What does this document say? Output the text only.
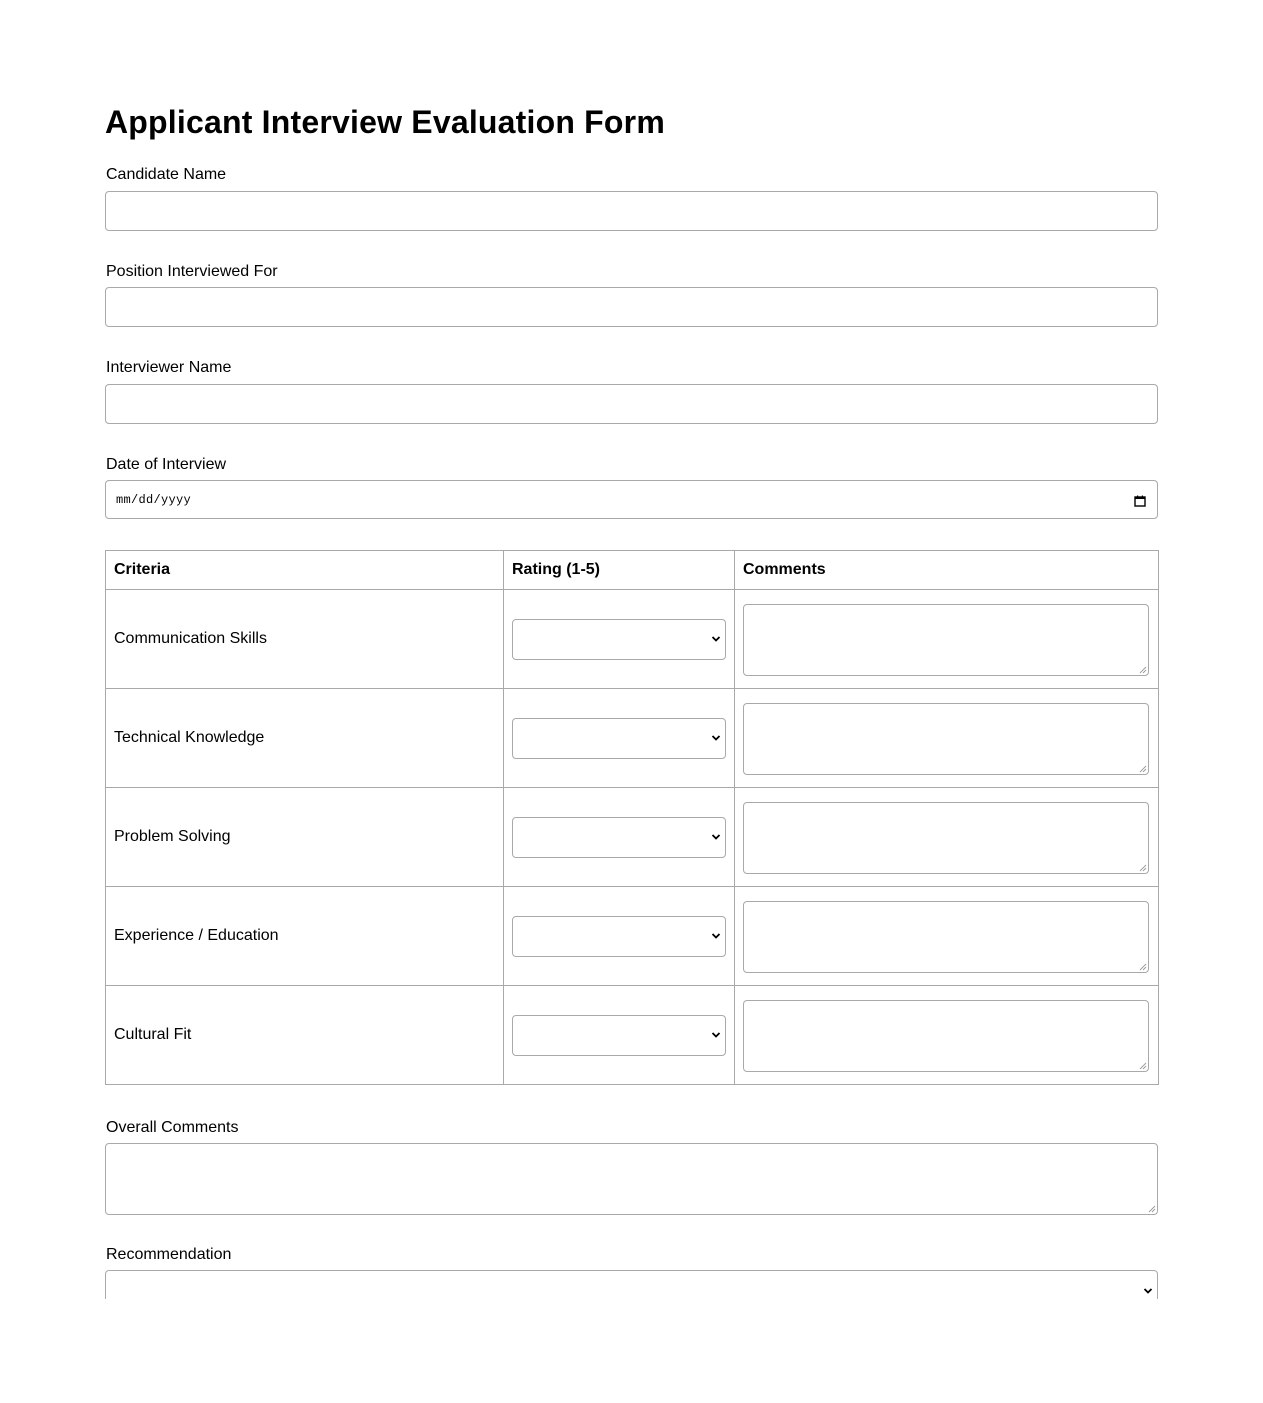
Applicant Interview Evaluation Form
Candidate Name
Position Interviewed For
Interviewer Name
Date of Interview
mm/dd/yyyy
Criteria	Rating (1-5)	Comments
Communication Skills	

Technical Knowledge	

Problem Solving	

Experience / Education	

Cultural Fit	

Overall Comments
Recommendation
